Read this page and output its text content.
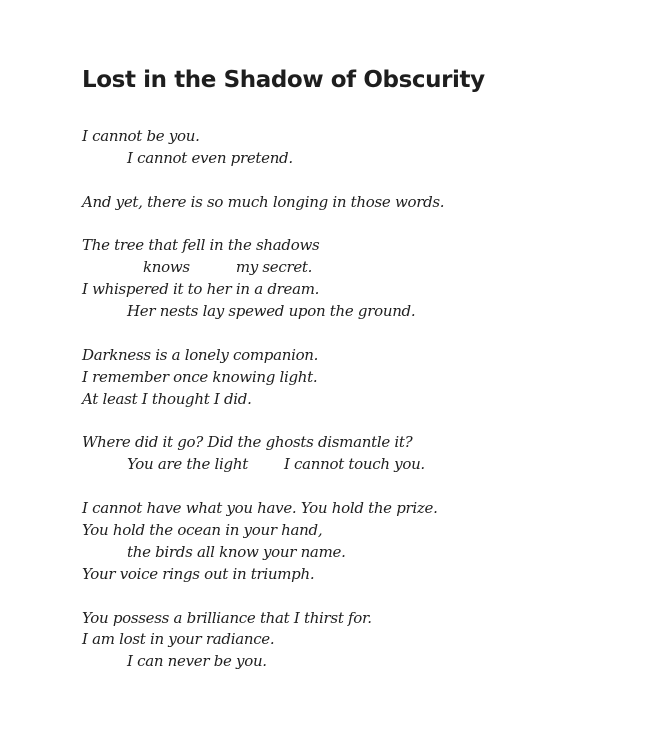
Lost in the Shadow of Obscurity
I cannot be you.
I cannot even pretend.
And yet, there is so much longing in those words.
The tree that fell in the shadows
knows	my secret.
I whispered it to her in a dream.
Her nests lay spewed upon the ground.
Darkness is a lonely companion.
I remember once knowing light.
At least I thought I did.
Where did it go? Did the ghosts dismantle it?
You are the light I cannot touch you.
I cannot have what you have. You hold the prize.
You hold the ocean in your hand,
the birds all know your name.
Your voice rings out in triumph.
You possess a brilliance that I thirst for.
I am lost in your radiance.
I can never be you.
